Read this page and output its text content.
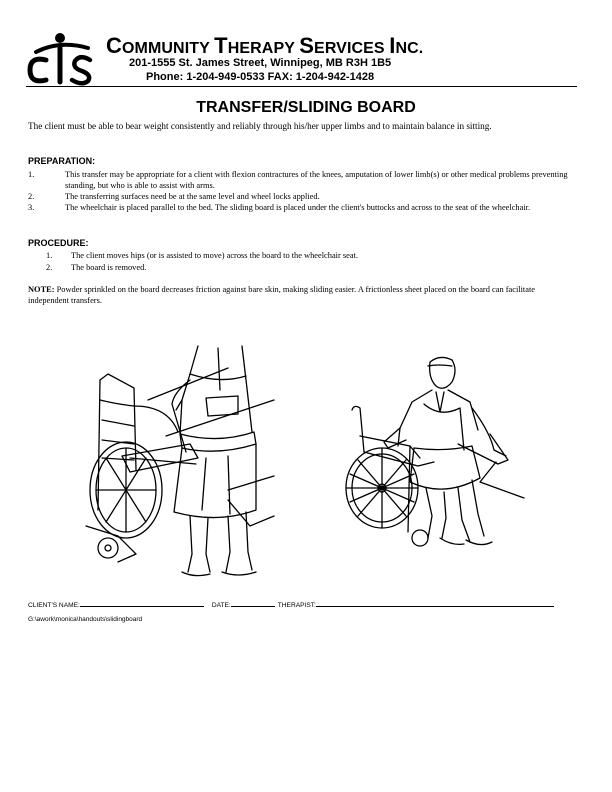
COMMUNITY THERAPY SERVICES INC.
201-1555 St. James Street, Winnipeg, MB R3H 1B5
Phone: 1-204-949-0533 FAX: 1-204-942-1428
TRANSFER/SLIDING BOARD
The client must be able to bear weight consistently and reliably through his/her upper limbs and to maintain balance in sitting.
PREPARATION:
1.	This transfer may be appropriate for a client with flexion contractures of the knees, amputation of lower limb(s) or other medical problems preventing standing, but who is able to assist with arms.
2.	The transferring surfaces need be at the same level and wheel locks applied.
3.	The wheelchair is placed parallel to the bed. The sliding board is placed under the client's buttocks and across to the seat of the wheelchair.
PROCEDURE:
1. The client moves hips (or is assisted to move) across the board to the wheelchair seat.
2. The board is removed.
NOTE: Powder sprinkled on the board decreases friction against bare skin, making sliding easier. A frictionless sheet placed on the board can facilitate independent transfers.
CLIENT'S NAME:	DATE:	THERAPIST:
G:\awork\monica\handouts\slidingboard
